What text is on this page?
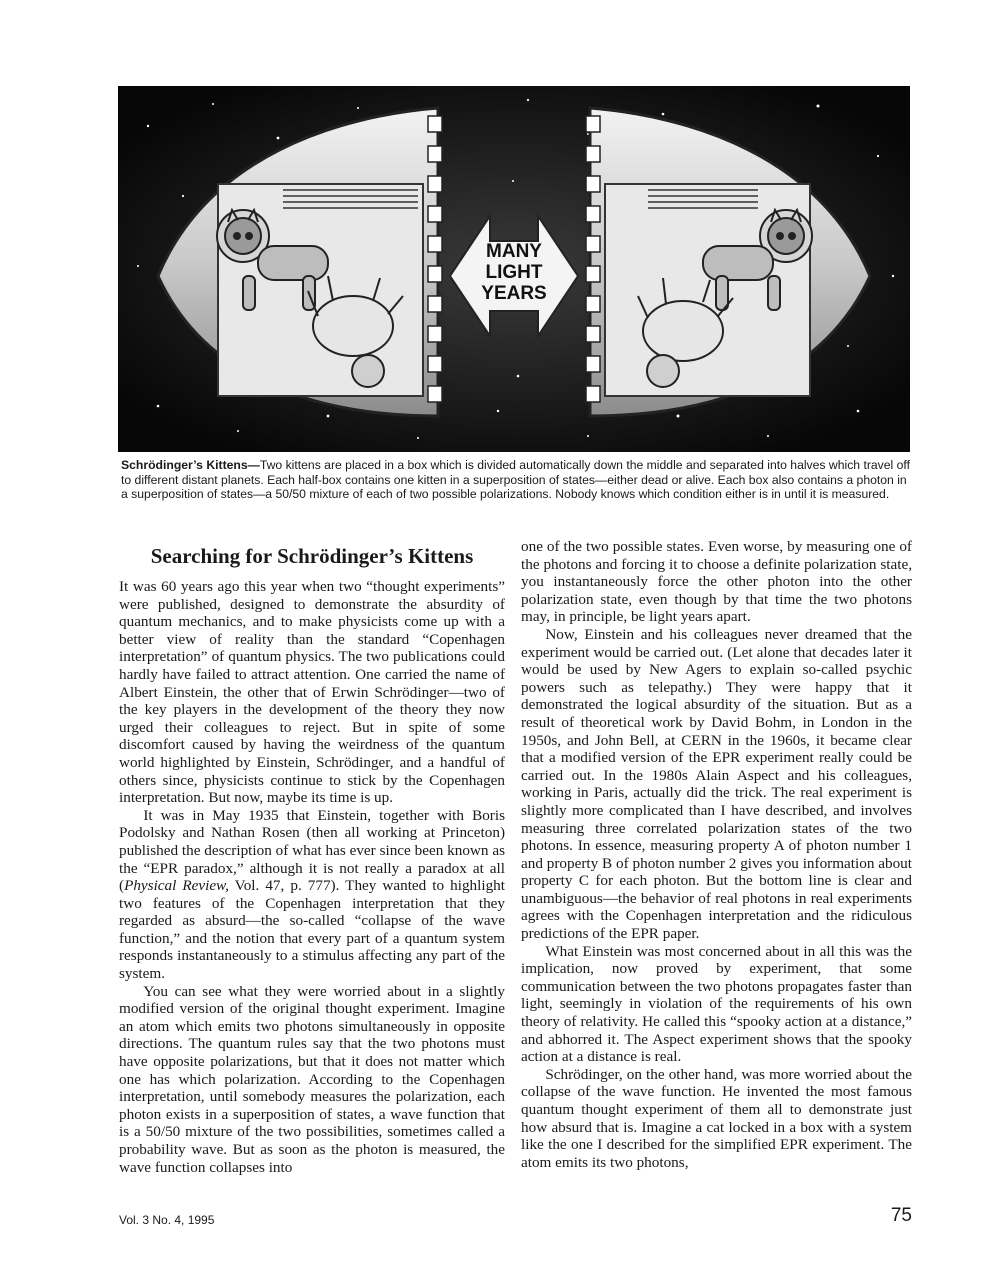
MANY
LIGHT
YEARS

Schrödinger’s Kittens—Two kittens are placed in a box which is divided automatically down the middle and separated into halves which travel off to different distant planets. Each half-box contains one kitten in a superposition of states—either dead or alive. Each box also contains a photon in a superposition of states—a 50/50 mixture of each of two possible polarizations. Nobody knows which condition either is in until it is measured.

Searching for Schrödinger’s Kittens

It was 60 years ago this year when two “thought experiments” were published, designed to demonstrate the absurdity of quantum mechanics, and to make physicists come up with a better view of reality than the standard “Copenhagen interpretation” of quantum physics. The two publications could hardly have failed to attract attention. One carried the name of Albert Einstein, the other that of Erwin Schrödinger—two of the key players in the development of the theory they now urged their colleagues to reject. But in spite of some discomfort caused by having the weirdness of the quantum world highlighted by Einstein, Schrödinger, and a handful of others since, physicists continue to stick by the Copenhagen interpretation. But now, maybe its time is up.

It was in May 1935 that Einstein, together with Boris Podolsky and Nathan Rosen (then all working at Princeton) published the description of what has ever since been known as the “EPR paradox,” although it is not really a paradox at all (Physical Review, Vol. 47, p. 777). They wanted to highlight two features of the Copenhagen interpretation that they regarded as absurd—the so-called “collapse of the wave function,” and the notion that every part of a quantum system responds instantaneously to a stimulus affecting any part of the system.

You can see what they were worried about in a slightly modified version of the original thought experiment. Imagine an atom which emits two photons simultaneously in opposite directions. The quantum rules say that the two photons must have opposite polarizations, but that it does not matter which one has which polarization. According to the Copenhagen interpretation, until somebody measures the polarization, each photon exists in a superposition of states, a wave function that is a 50/50 mixture of the two possibilities, sometimes called a probability wave. But as soon as the photon is measured, the wave function collapses into

one of the two possible states. Even worse, by measuring one of the photons and forcing it to choose a definite polarization state, you instantaneously force the other photon into the other polarization state, even though by that time the two photons may, in principle, be light years apart.

Now, Einstein and his colleagues never dreamed that the experiment would be carried out. (Let alone that decades later it would be used by New Agers to explain so-called psychic powers such as telepathy.) They were happy that it demonstrated the logical absurdity of the situation. But as a result of theoretical work by David Bohm, in London in the 1950s, and John Bell, at CERN in the 1960s, it became clear that a modified version of the EPR experiment really could be carried out. In the 1980s Alain Aspect and his colleagues, working in Paris, actually did the trick. The real experiment is slightly more complicated than I have described, and involves measuring three correlated polarization states of the two photons. In essence, measuring property A of photon number 1 and property B of photon number 2 gives you information about property C for each photon. But the bottom line is clear and unambiguous—the behavior of real photons in real experiments agrees with the Copenhagen interpretation and the ridiculous predictions of the EPR paper.

What Einstein was most concerned about in all this was the implication, now proved by experiment, that some communication between the two photons propagates faster than light, seemingly in violation of the requirements of his own theory of relativity. He called this “spooky action at a distance,” and abhorred it. The Aspect experiment shows that the spooky action at a distance is real.

Schrödinger, on the other hand, was more worried about the collapse of the wave function. He invented the most famous quantum thought experiment of them all to demonstrate just how absurd that is. Imagine a cat locked in a box with a system like the one I described for the simplified EPR experiment. The atom emits its two photons,

Vol. 3 No. 4, 1995	75
